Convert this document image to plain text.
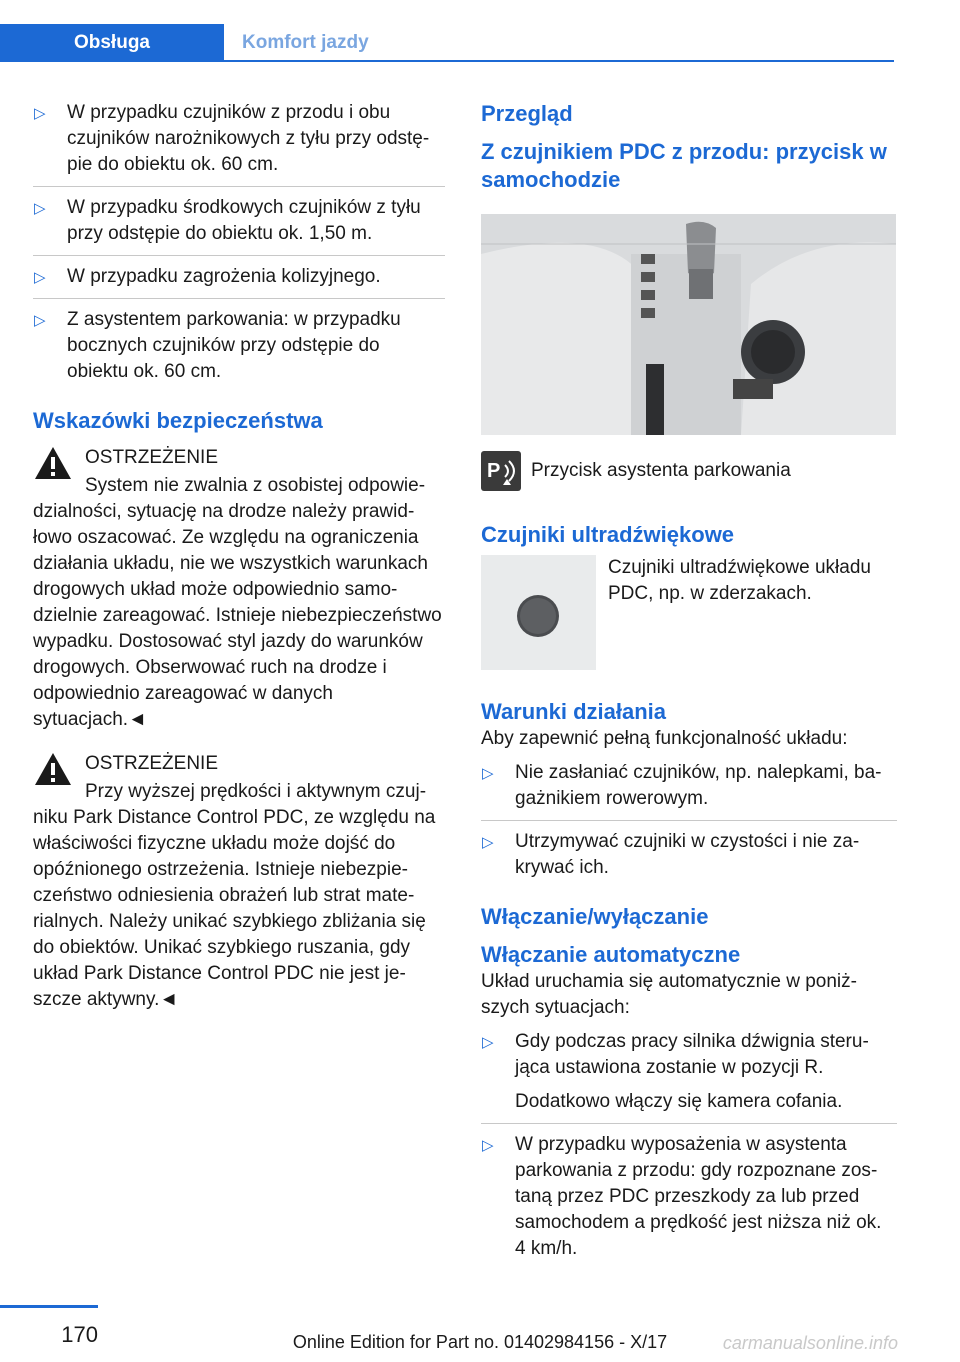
Obsługa	Komfort jazdy
▷ W przypadku czujników z przodu i obu czujników narożnikowych z tyłu przy odstępie do obiektu ok. 60 cm.
▷ W przypadku środkowych czujników z tyłu przy odstępie do obiektu ok. 1,50 m.
▷ W przypadku zagrożenia kolizyjnego.
▷ Z asystentem parkowania: w przypadku bocznych czujników przy odstępie do obiektu ok. 60 cm.
Wskazówki bezpieczeństwa
OSTRZEŻENIE

System nie zwalnia z osobistej odpowiedzialności, sytuację na drodze należy prawidłowo oszacować. Ze względu na ograniczenia działania układu, nie we wszystkich warunkach drogowych układ może odpowiednio samodzielnie zareagować. Istnieje niebezpieczeństwo wypadku. Dostosować styl jazdy do warunków drogowych. Obserwować ruch na drodze i odpowiednio zareagować w danych sytuacjach.◄

OSTRZEŻENIE

Przy wyższej prędkości i aktywnym czujniku Park Distance Control PDC, ze względu na właściwości fizyczne układu może dojść do opóźnionego ostrzeżenia. Istnieje niebezpieczeństwo odniesienia obrażeń lub strat materialnych. Należy unikać szybkiego zbliżania się do obiektów. Unikać szybkiego ruszania, gdy układ Park Distance Control PDC nie jest jeszcze aktywny.◄

Przegląd
Z czujnikiem PDC z przodu: przycisk w samochodzie
P Przycisk asystenta parkowania

Czujniki ultradźwiękowe

Czujniki ultradźwiękowe układu PDC, np. w zderzakach.

Warunki działania

Aby zapewnić pełną funkcjonalność układu:

▷ Nie zasłaniać czujników, np. nalepkami, bagażnikiem rowerowym.
▷ Utrzymywać czujniki w czystości i nie zakrywać ich.
Włączanie/wyłączanie
Włączanie automatyczne

Układ uruchamia się automatycznie w poniższych sytuacjach:

▷ Gdy podczas pracy silnika dźwignia sterująca ustawiona zostanie w pozycji R.
Dodatkowo włączy się kamera cofania.
▷ W przypadku wyposażenia w asystenta parkowania z przodu: gdy rozpoznane zostaną przez PDC przeszkody za lub przed samochodem a prędkość jest niższa niż ok. 4 km/h.
170	Online Edition for Part no. 01402984156 - X/17	carmanualsonline.info
